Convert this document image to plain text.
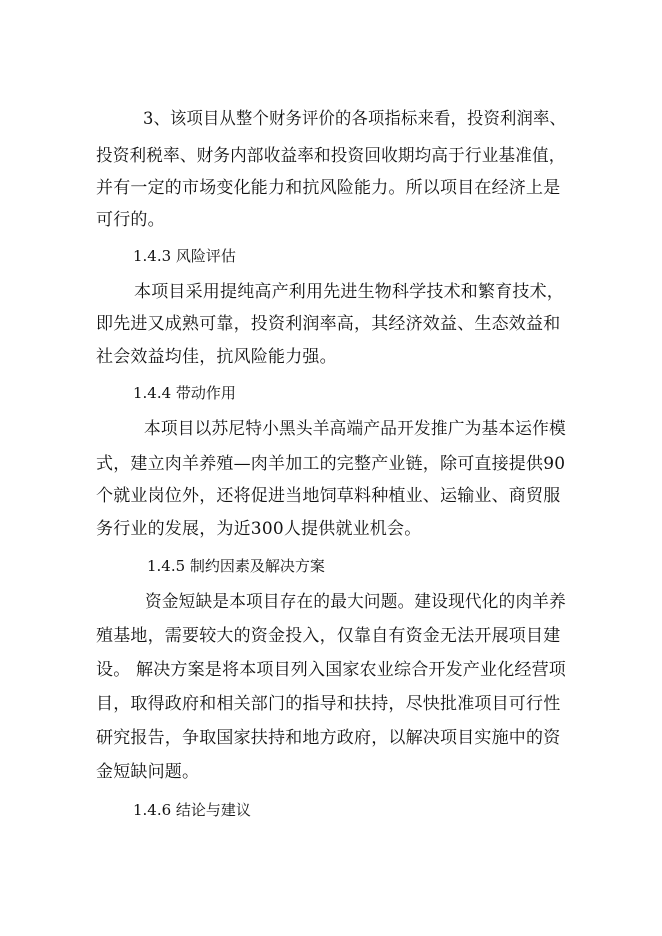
3、该项目从整个财务评价的各项指标来看，投资利润率、
投资利税率、财务内部收益率和投资回收期均高于行业基准值，
并有一定的市场变化能力和抗风险能力。所以项目在经济上是
可行的。
1.4.3 风险评估
本项目采用提纯高产利用先进生物科学技术和繁育技术，
即先进又成熟可靠，投资利润率高，其经济效益、生态效益和
社会效益均佳，抗风险能力强。
1.4.4 带动作用
本项目以苏尼特小黑头羊高端产品开发推广为基本运作模
式，建立肉羊养殖—肉羊加工的完整产业链，除可直接提供90
个就业岗位外，还将促进当地饲草料种植业、运输业、商贸服
务行业的发展，为近300人提供就业机会。
1.4.5 制约因素及解决方案
资金短缺是本项目存在的最大问题。建设现代化的肉羊养
殖基地，需要较大的资金投入，仅靠自有资金无法开展项目建
设。 解决方案是将本项目列入国家农业综合开发产业化经营项
目，取得政府和相关部门的指导和扶持，尽快批准项目可行性
研究报告，争取国家扶持和地方政府，以解决项目实施中的资
金短缺问题。
1.4.6 结论与建议
